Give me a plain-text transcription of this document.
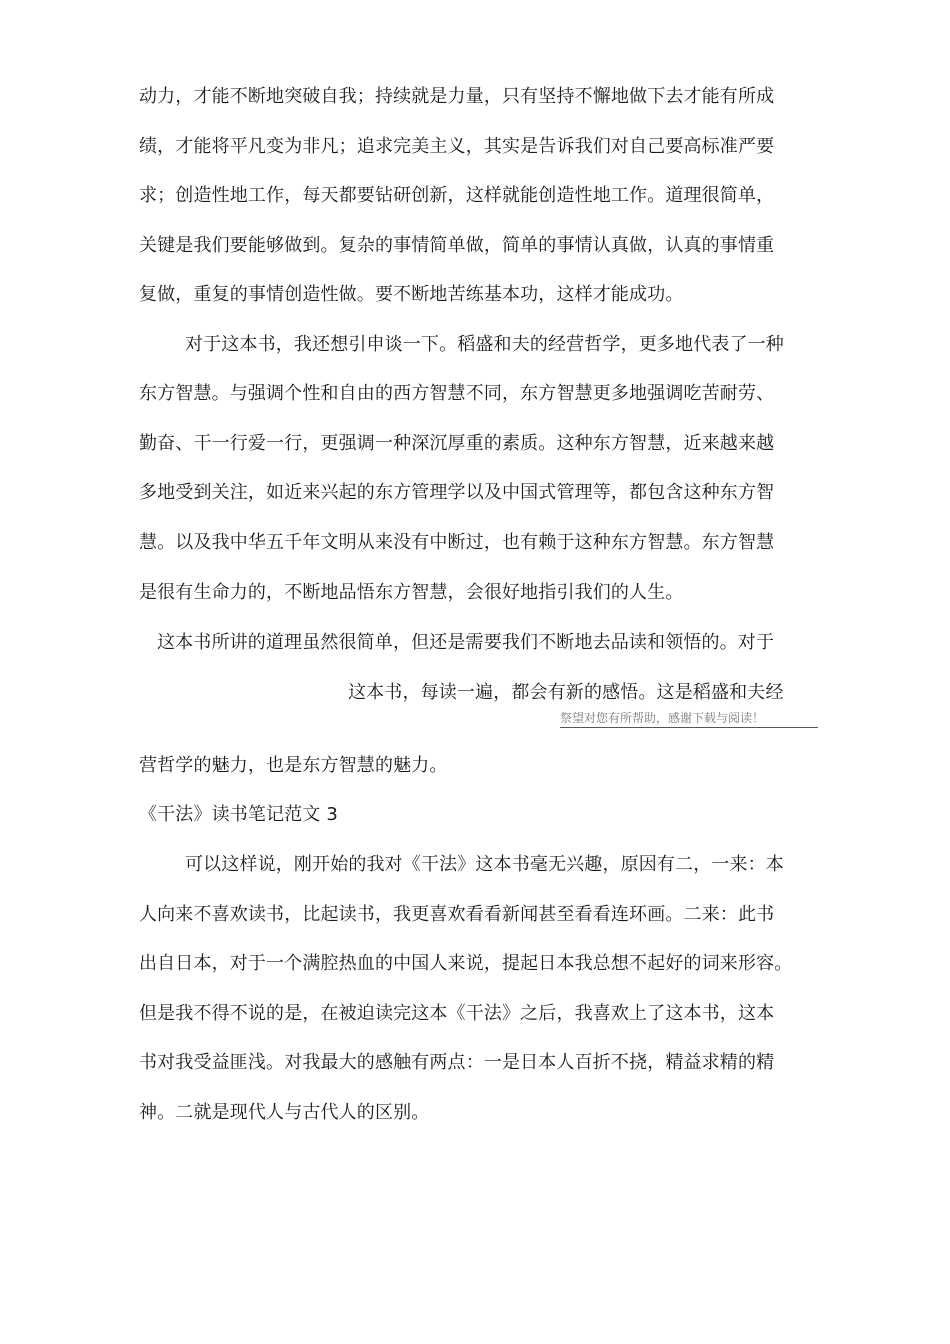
动力，才能不断地突破自我；持续就是力量，只有坚持不懈地做下去才能有所成
绩，才能将平凡变为非凡；追求完美主义，其实是告诉我们对自己要高标准严要
求；创造性地工作，每天都要钻研创新，这样就能创造性地工作。道理很简单，
关键是我们要能够做到。复杂的事情简单做，简单的事情认真做，认真的事情重
复做，重复的事情创造性做。要不断地苦练基本功，这样才能成功。
对于这本书，我还想引申谈一下。稻盛和夫的经营哲学，更多地代表了一种
东方智慧。与强调个性和自由的西方智慧不同，东方智慧更多地强调吃苦耐劳、
勤奋、干一行爱一行，更强调一种深沉厚重的素质。这种东方智慧，近来越来越
多地受到关注，如近来兴起的东方管理学以及中国式管理等，都包含这种东方智
慧。以及我中华五千年文明从来没有中断过，也有赖于这种东方智慧。东方智慧
是很有生命力的，不断地品悟东方智慧，会很好地指引我们的人生。
这本书所讲的道理虽然很简单，但还是需要我们不断地去品读和领悟的。对于
这本书，每读一遍，都会有新的感悟。这是稻盛和夫经
祭望对您有所帮助，感谢下载与阅读！
营哲学的魅力，也是东方智慧的魅力。
《干法》读书笔记范文 3
可以这样说，刚开始的我对《干法》这本书毫无兴趣，原因有二，一来：本
人向来不喜欢读书，比起读书，我更喜欢看看新闻甚至看看连环画。二来：此书
出自日本，对于一个满腔热血的中国人来说，提起日本我总想不起好的词来形容。
但是我不得不说的是，在被迫读完这本《干法》之后，我喜欢上了这本书，这本
书对我受益匪浅。对我最大的感触有两点：一是日本人百折不挠，精益求精的精
神。二就是现代人与古代人的区别。
